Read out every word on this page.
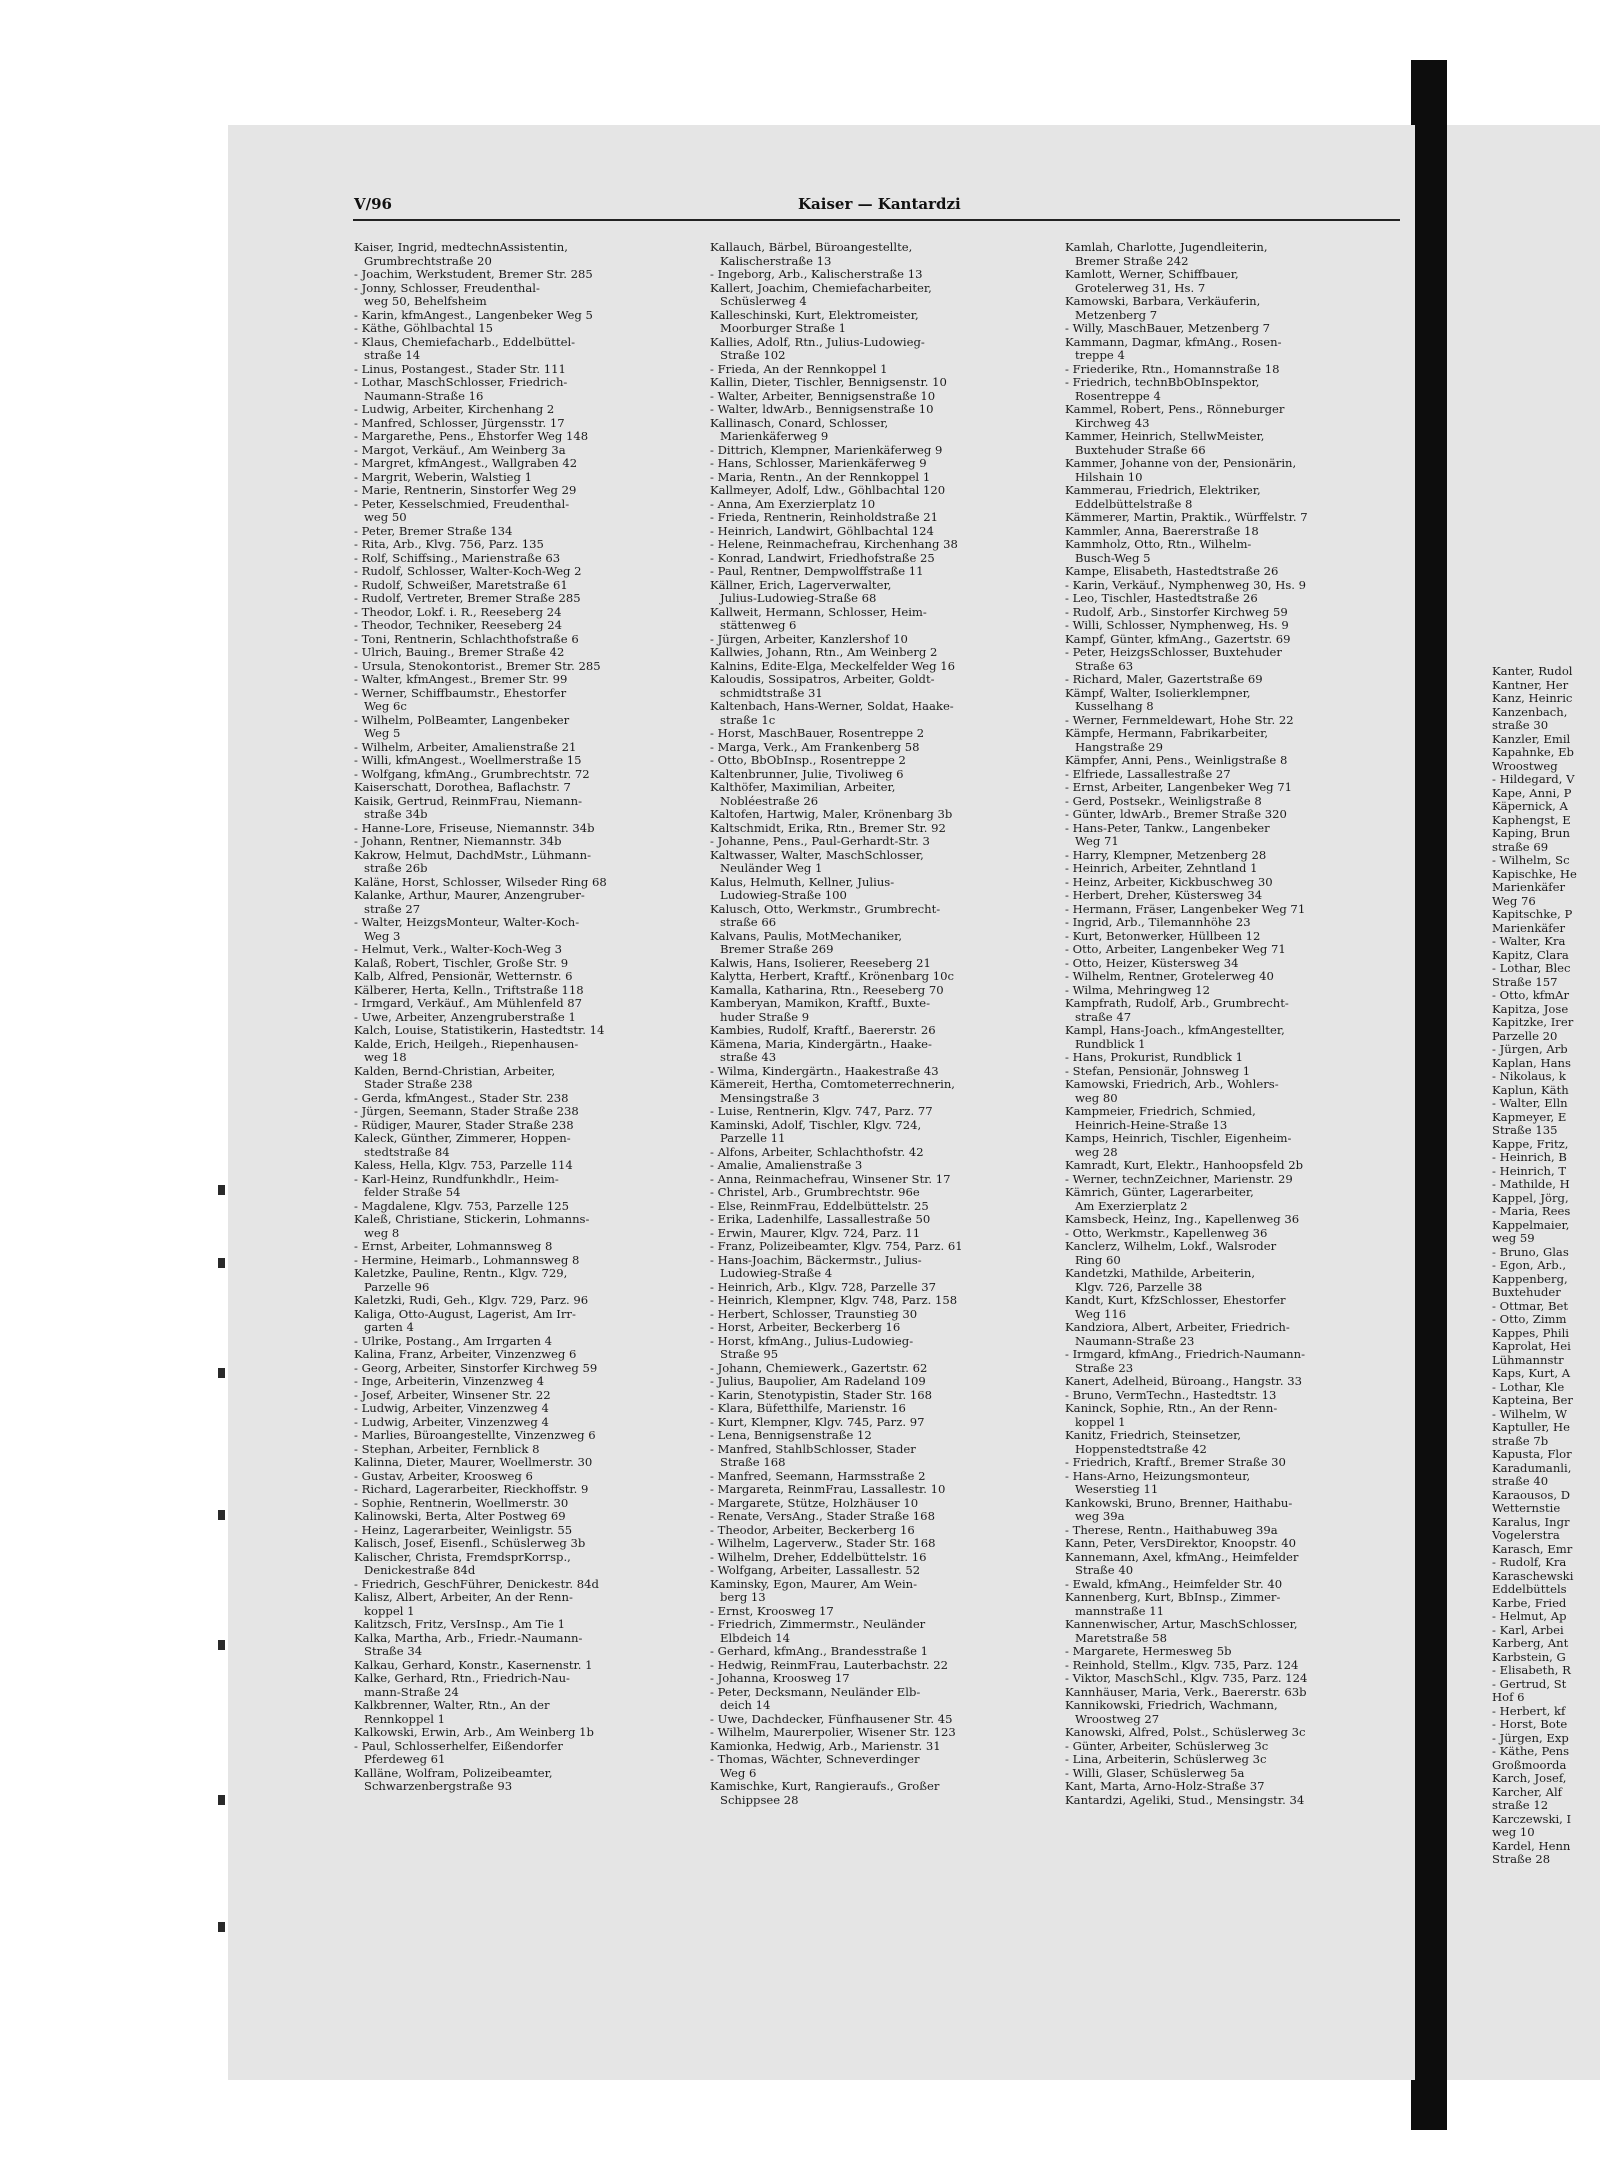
Kanter, Rudol
Kantner, Her
Kanz, Heinric
Kanzenbach,
straße 30
Kanzler, Emil
Kapahnke, Eb
Wroostweg
- Hildegard, V
Kape, Anni, P
Käpernick, A
Kaphengst, E
Kaping, Brun
straße 69
- Wilhelm, Sc
Kapischke, He
Marienkäfer
Weg 76
Kapitschke, P
Marienkäfer
- Walter, Kra
Kapitz, Clara
- Lothar, Blec
Straße 157
- Otto, kfmAr
Kapitza, Jose
Kapitzke, Irer
Parzelle 20
- Jürgen, Arb
Kaplan, Hans
- Nikolaus, k
Kaplun, Käth
- Walter, Elln
Kapmeyer, E
Straße 135
Kappe, Fritz,
- Heinrich, B
- Heinrich, T
- Mathilde, H
Kappel, Jörg,
- Maria, Rees
Kappelmaier,
weg 59
- Bruno, Glas
- Egon, Arb.,
Kappenberg,
Buxtehuder
- Ottmar, Bet
- Otto, Zimm
Kappes, Phili
Kaprolat, Hei
Lühmannstr
Kaps, Kurt, A
- Lothar, Kle
Kapteina, Ber
- Wilhelm, W
Kaptuller, He
straße 7b
Kapusta, Flor
Karadumanli,
straße 40
Karaousos, D
Wetternstie
Karalus, Ingr
Vogelerstra
Karasch, Emr
- Rudolf, Kra
Karaschewski
Eddelbüttels
Karbe, Fried
- Helmut, Ap
- Karl, Arbei
Karberg, Ant
Karbstein, G
- Elisabeth, R
- Gertrud, St
Hof 6
- Herbert, kf
- Horst, Bote
- Jürgen, Exp
- Käthe, Pens
Großmoorda
Karch, Josef,
Karcher, Alf
straße 12
Karczewski, I
weg 10
Kardel, Henn
Straße 28
V/96	Kaiser — Kantardzi
Kaiser, Ingrid, medtechnAssistentin,
Grumbrechtstraße 20
- Joachim, Werkstudent, Bremer Str. 285
- Jonny, Schlosser, Freudenthal-
weg 50, Behelfsheim
- Karin, kfmAngest., Langenbeker Weg 5
- Käthe, Göhlbachtal 15
- Klaus, Chemiefacharb., Eddelbüttel-
straße 14
- Linus, Postangest., Stader Str. 111
- Lothar, MaschSchlosser, Friedrich-
Naumann-Straße 16
- Ludwig, Arbeiter, Kirchenhang 2
- Manfred, Schlosser, Jürgensstr. 17
- Margarethe, Pens., Ehstorfer Weg 148
- Margot, Verkäuf., Am Weinberg 3a
- Margret, kfmAngest., Wallgraben 42
- Margrit, Weberin, Walstieg 1
- Marie, Rentnerin, Sinstorfer Weg 29
- Peter, Kesselschmied, Freudenthal-
weg 50
- Peter, Bremer Straße 134
- Rita, Arb., Klvg. 756, Parz. 135
- Rolf, Schiffsing., Marienstraße 63
- Rudolf, Schlosser, Walter-Koch-Weg 2
- Rudolf, Schweißer, Maretstraße 61
- Rudolf, Vertreter, Bremer Straße 285
- Theodor, Lokf. i. R., Reeseberg 24
- Theodor, Techniker, Reeseberg 24
- Toni, Rentnerin, Schlachthofstraße 6
- Ulrich, Bauing., Bremer Straße 42
- Ursula, Stenokontorist., Bremer Str. 285
- Walter, kfmAngest., Bremer Str. 99
- Werner, Schiffbaumstr., Ehestorfer
Weg 6c
- Wilhelm, PolBeamter, Langenbeker
Weg 5
- Wilhelm, Arbeiter, Amalienstraße 21
- Willi, kfmAngest., Woellmerstraße 15
- Wolfgang, kfmAng., Grumbrechtstr. 72
Kaiserschatt, Dorothea, Baflachstr. 7
Kaisik, Gertrud, ReinmFrau, Niemann-
straße 34b
- Hanne-Lore, Friseuse, Niemannstr. 34b
- Johann, Rentner, Niemannstr. 34b
Kakrow, Helmut, DachdMstr., Lühmann-
straße 26b
Kaläne, Horst, Schlosser, Wilseder Ring 68
Kalanke, Arthur, Maurer, Anzengruber-
straße 27
- Walter, HeizgsMonteur, Walter-Koch-
Weg 3
- Helmut, Verk., Walter-Koch-Weg 3
Kalaß, Robert, Tischler, Große Str. 9
Kalb, Alfred, Pensionär, Wetternstr. 6
Kälberer, Herta, Kelln., Triftstraße 118
- Irmgard, Verkäuf., Am Mühlenfeld 87
- Uwe, Arbeiter, Anzengruberstraße 1
Kalch, Louise, Statistikerin, Hastedtstr. 14
Kalde, Erich, Heilgeh., Riepenhausen-
weg 18
Kalden, Bernd-Christian, Arbeiter,
Stader Straße 238
- Gerda, kfmAngest., Stader Str. 238
- Jürgen, Seemann, Stader Straße 238
- Rüdiger, Maurer, Stader Straße 238
Kaleck, Günther, Zimmerer, Hoppen-
stedtstraße 84
Kaless, Hella, Klgv. 753, Parzelle 114
- Karl-Heinz, Rundfunkhdlr., Heim-
felder Straße 54
- Magdalene, Klgv. 753, Parzelle 125
Kaleß, Christiane, Stickerin, Lohmanns-
weg 8
- Ernst, Arbeiter, Lohmannsweg 8
- Hermine, Heimarb., Lohmannsweg 8
Kaletzke, Pauline, Rentn., Klgv. 729,
Parzelle 96
Kaletzki, Rudi, Geh., Klgv. 729, Parz. 96
Kaliga, Otto-August, Lagerist, Am Irr-
garten 4
- Ulrike, Postang., Am Irrgarten 4
Kalina, Franz, Arbeiter, Vinzenzweg 6
- Georg, Arbeiter, Sinstorfer Kirchweg 59
- Inge, Arbeiterin, Vinzenzweg 4
- Josef, Arbeiter, Winsener Str. 22
- Ludwig, Arbeiter, Vinzenzweg 4
- Ludwig, Arbeiter, Vinzenzweg 4
- Marlies, Büroangestellte, Vinzenzweg 6
- Stephan, Arbeiter, Fernblick 8
Kalinna, Dieter, Maurer, Woellmerstr. 30
- Gustav, Arbeiter, Kroosweg 6
- Richard, Lagerarbeiter, Rieckhoffstr. 9
- Sophie, Rentnerin, Woellmerstr. 30
Kalinowski, Berta, Alter Postweg 69
- Heinz, Lagerarbeiter, Weinligstr. 55
Kalisch, Josef, Eisenfl., Schüslerweg 3b
Kalischer, Christa, FremdsprKorrsp.,
Denickestraße 84d
- Friedrich, GeschFührer, Denickestr. 84d
Kalisz, Albert, Arbeiter, An der Renn-
koppel 1
Kalitzsch, Fritz, VersInsp., Am Tie 1
Kalka, Martha, Arb., Friedr.-Naumann-
Straße 34
Kalkau, Gerhard, Konstr., Kasernenstr. 1
Kalke, Gerhard, Rtn., Friedrich-Nau-
mann-Straße 24
Kalkbrenner, Walter, Rtn., An der
Rennkoppel 1
Kalkowski, Erwin, Arb., Am Weinberg 1b
- Paul, Schlosserhelfer, Eißendorfer
Pferdeweg 61
Kalläne, Wolfram, Polizeibeamter,
Schwarzenbergstraße 93
Kallauch, Bärbel, Büroangestellte,
Kalischerstraße 13
- Ingeborg, Arb., Kalischerstraße 13
Kallert, Joachim, Chemiefacharbeiter,
Schüslerweg 4
Kalleschinski, Kurt, Elektromeister,
Moorburger Straße 1
Kallies, Adolf, Rtn., Julius-Ludowieg-
Straße 102
- Frieda, An der Rennkoppel 1
Kallin, Dieter, Tischler, Bennigsenstr. 10
- Walter, Arbeiter, Bennigsenstraße 10
- Walter, ldwArb., Bennigsenstraße 10
Kallinasch, Conard, Schlosser,
Marienkäferweg 9
- Dittrich, Klempner, Marienkäferweg 9
- Hans, Schlosser, Marienkäferweg 9
- Maria, Rentn., An der Rennkoppel 1
Kallmeyer, Adolf, Ldw., Göhlbachtal 120
- Anna, Am Exerzierplatz 10
- Frieda, Rentnerin, Reinholdstraße 21
- Heinrich, Landwirt, Göhlbachtal 124
- Helene, Reinmachefrau, Kirchenhang 38
- Konrad, Landwirt, Friedhofstraße 25
- Paul, Rentner, Dempwolffstraße 11
Källner, Erich, Lagerverwalter,
Julius-Ludowieg-Straße 68
Kallweit, Hermann, Schlosser, Heim-
stättenweg 6
- Jürgen, Arbeiter, Kanzlershof 10
Kallwies, Johann, Rtn., Am Weinberg 2
Kalnins, Edite-Elga, Meckelfelder Weg 16
Kaloudis, Sossipatros, Arbeiter, Goldt-
schmidtstraße 31
Kaltenbach, Hans-Werner, Soldat, Haake-
straße 1c
- Horst, MaschBauer, Rosentreppe 2
- Marga, Verk., Am Frankenberg 58
- Otto, BbObInsp., Rosentreppe 2
Kaltenbrunner, Julie, Tivoliweg 6
Kalthöfer, Maximilian, Arbeiter,
Nobléestraße 26
Kaltofen, Hartwig, Maler, Krönenbarg 3b
Kaltschmidt, Erika, Rtn., Bremer Str. 92
- Johanne, Pens., Paul-Gerhardt-Str. 3
Kaltwasser, Walter, MaschSchlosser,
Neuländer Weg 1
Kalus, Helmuth, Kellner, Julius-
Ludowieg-Straße 100
Kalusch, Otto, Werkmstr., Grumbrecht-
straße 66
Kalvans, Paulis, MotMechaniker,
Bremer Straße 269
Kalwis, Hans, Isolierer, Reeseberg 21
Kalytta, Herbert, Kraftf., Krönenbarg 10c
Kamalla, Katharina, Rtn., Reeseberg 70
Kamberyan, Mamikon, Kraftf., Buxte-
huder Straße 9
Kambies, Rudolf, Kraftf., Baererstr. 26
Kämena, Maria, Kindergärtn., Haake-
straße 43
- Wilma, Kindergärtn., Haakestraße 43
Kämereit, Hertha, Comtometerrechnerin,
Mensingstraße 3
- Luise, Rentnerin, Klgv. 747, Parz. 77
Kaminski, Adolf, Tischler, Klgv. 724,
Parzelle 11
- Alfons, Arbeiter, Schlachthofstr. 42
- Amalie, Amalienstraße 3
- Anna, Reinmachefrau, Winsener Str. 17
- Christel, Arb., Grumbrechtstr. 96e
- Else, ReinmFrau, Eddelbüttelstr. 25
- Erika, Ladenhilfe, Lassallestraße 50
- Erwin, Maurer, Klgv. 724, Parz. 11
- Franz, Polizeibeamter, Klgv. 754, Parz. 61
- Hans-Joachim, Bäckermstr., Julius-
Ludowieg-Straße 4
- Heinrich, Arb., Klgv. 728, Parzelle 37
- Heinrich, Klempner, Klgv. 748, Parz. 158
- Herbert, Schlosser, Traunstieg 30
- Horst, Arbeiter, Beckerberg 16
- Horst, kfmAng., Julius-Ludowieg-
Straße 95
- Johann, Chemiewerk., Gazertstr. 62
- Julius, Baupolier, Am Radeland 109
- Karin, Stenotypistin, Stader Str. 168
- Klara, Büfetthilfe, Marienstr. 16
- Kurt, Klempner, Klgv. 745, Parz. 97
- Lena, Bennigsenstraße 12
- Manfred, StahlbSchlosser, Stader
Straße 168
- Manfred, Seemann, Harmsstraße 2
- Margareta, ReinmFrau, Lassallestr. 10
- Margarete, Stütze, Holzhäuser 10
- Renate, VersAng., Stader Straße 168
- Theodor, Arbeiter, Beckerberg 16
- Wilhelm, Lagerverw., Stader Str. 168
- Wilhelm, Dreher, Eddelbüttelstr. 16
- Wolfgang, Arbeiter, Lassallestr. 52
Kaminsky, Egon, Maurer, Am Wein-
berg 13
- Ernst, Kroosweg 17
- Friedrich, Zimmermstr., Neuländer
Elbdeich 14
- Gerhard, kfmAng., Brandesstraße 1
- Hedwig, ReinmFrau, Lauterbachstr. 22
- Johanna, Kroosweg 17
- Peter, Decksmann, Neuländer Elb-
deich 14
- Uwe, Dachdecker, Fünfhausener Str. 45
- Wilhelm, Maurerpolier, Wisener Str. 123
Kamionka, Hedwig, Arb., Marienstr. 31
- Thomas, Wächter, Schneverdinger
Weg 6
Kamischke, Kurt, Rangieraufs., Großer
Schippsee 28
Kamlah, Charlotte, Jugendleiterin,
Bremer Straße 242
Kamlott, Werner, Schiffbauer,
Grotelerweg 31, Hs. 7
Kamowski, Barbara, Verkäuferin,
Metzenberg 7
- Willy, MaschBauer, Metzenberg 7
Kammann, Dagmar, kfmAng., Rosen-
treppe 4
- Friederike, Rtn., Homannstraße 18
- Friedrich, technBbObInspektor,
Rosentreppe 4
Kammel, Robert, Pens., Rönneburger
Kirchweg 43
Kammer, Heinrich, StellwMeister,
Buxtehuder Straße 66
Kammer, Johanne von der, Pensionärin,
Hilshain 10
Kammerau, Friedrich, Elektriker,
Eddelbüttelstraße 8
Kämmerer, Martin, Praktik., Würffelstr. 7
Kammler, Anna, Baererstraße 18
Kammholz, Otto, Rtn., Wilhelm-
Busch-Weg 5
Kampe, Elisabeth, Hastedtstraße 26
- Karin, Verkäuf., Nymphenweg 30, Hs. 9
- Leo, Tischler, Hastedtstraße 26
- Rudolf, Arb., Sinstorfer Kirchweg 59
- Willi, Schlosser, Nymphenweg, Hs. 9
Kampf, Günter, kfmAng., Gazertstr. 69
- Peter, HeizgsSchlosser, Buxtehuder
Straße 63
- Richard, Maler, Gazertstraße 69
Kämpf, Walter, Isolierklempner,
Kusselhang 8
- Werner, Fernmeldewart, Hohe Str. 22
Kämpfe, Hermann, Fabrikarbeiter,
Hangstraße 29
Kämpfer, Anni, Pens., Weinligstraße 8
- Elfriede, Lassallestraße 27
- Ernst, Arbeiter, Langenbeker Weg 71
- Gerd, Postsekr., Weinligstraße 8
- Günter, ldwArb., Bremer Straße 320
- Hans-Peter, Tankw., Langenbeker
Weg 71
- Harry, Klempner, Metzenberg 28
- Heinrich, Arbeiter, Zehntland 1
- Heinz, Arbeiter, Kickbuschweg 30
- Herbert, Dreher, Küstersweg 34
- Hermann, Fräser, Langenbeker Weg 71
- Ingrid, Arb., Tilemannhöhe 23
- Kurt, Betonwerker, Hüllbeen 12
- Otto, Arbeiter, Langenbeker Weg 71
- Otto, Heizer, Küstersweg 34
- Wilhelm, Rentner, Grotelerweg 40
- Wilma, Mehringweg 12
Kampfrath, Rudolf, Arb., Grumbrecht-
straße 47
Kampl, Hans-Joach., kfmAngestellter,
Rundblick 1
- Hans, Prokurist, Rundblick 1
- Stefan, Pensionär, Johnsweg 1
Kamowski, Friedrich, Arb., Wohlers-
weg 80
Kampmeier, Friedrich, Schmied,
Heinrich-Heine-Straße 13
Kamps, Heinrich, Tischler, Eigenheim-
weg 28
Kamradt, Kurt, Elektr., Hanhoopsfeld 2b
- Werner, technZeichner, Marienstr. 29
Kämrich, Günter, Lagerarbeiter,
Am Exerzierplatz 2
Kamsbeck, Heinz, Ing., Kapellenweg 36
- Otto, Werkmstr., Kapellenweg 36
Kanclerz, Wilhelm, Lokf., Walsroder
Ring 60
Kandetzki, Mathilde, Arbeiterin,
Klgv. 726, Parzelle 38
Kandt, Kurt, KfzSchlosser, Ehestorfer
Weg 116
Kandziora, Albert, Arbeiter, Friedrich-
Naumann-Straße 23
- Irmgard, kfmAng., Friedrich-Naumann-
Straße 23
Kanert, Adelheid, Büroang., Hangstr. 33
- Bruno, VermTechn., Hastedtstr. 13
Kaninck, Sophie, Rtn., An der Renn-
koppel 1
Kanitz, Friedrich, Steinsetzer,
Hoppenstedtstraße 42
- Friedrich, Kraftf., Bremer Straße 30
- Hans-Arno, Heizungsmonteur,
Weserstieg 11
Kankowski, Bruno, Brenner, Haithabu-
weg 39a
- Therese, Rentn., Haithabuweg 39a
Kann, Peter, VersDirektor, Knoopstr. 40
Kannemann, Axel, kfmAng., Heimfelder
Straße 40
- Ewald, kfmAng., Heimfelder Str. 40
Kannenberg, Kurt, BbInsp., Zimmer-
mannstraße 11
Kannenwischer, Artur, MaschSchlosser,
Maretstraße 58
- Margarete, Hermesweg 5b
- Reinhold, Stellm., Klgv. 735, Parz. 124
- Viktor, MaschSchl., Klgv. 735, Parz. 124
Kannhäuser, Maria, Verk., Baererstr. 63b
Kannikowski, Friedrich, Wachmann,
Wroostweg 27
Kanowski, Alfred, Polst., Schüslerweg 3c
- Günter, Arbeiter, Schüslerweg 3c
- Lina, Arbeiterin, Schüslerweg 3c
- Willi, Glaser, Schüslerweg 5a
Kant, Marta, Arno-Holz-Straße 37
Kantardzi, Ageliki, Stud., Mensingstr. 34
